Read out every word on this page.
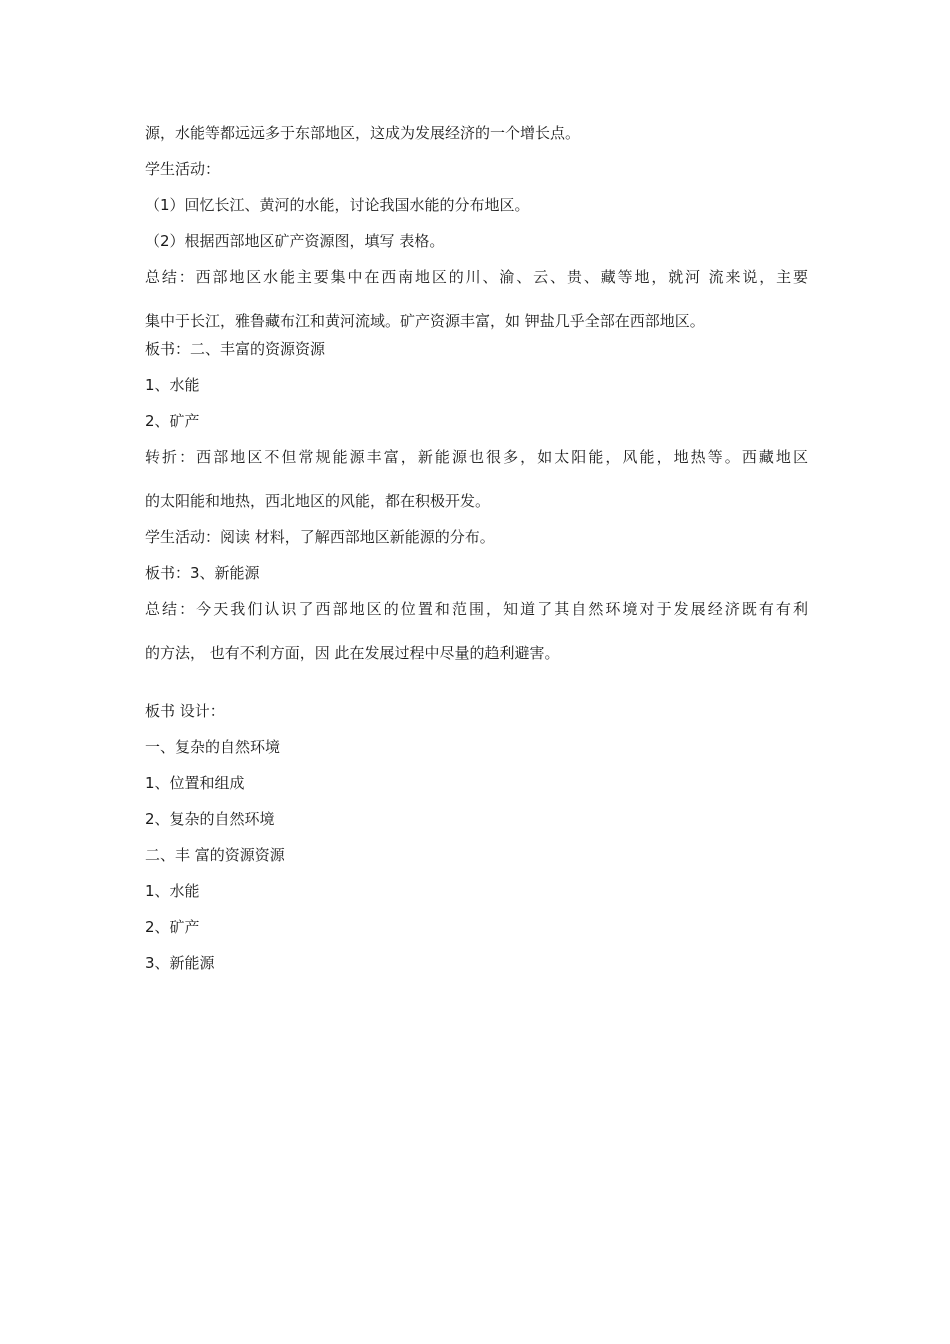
源，水能等都远远多于东部地区，这成为发展经济的一个增长点。

学生活动：

（1）回忆长江、黄河的水能，讨论我国水能的分布地区。

（2）根据西部地区矿产资源图，填写 表格。

总结：西部地区水能主要集中在西南地区的川、渝、云、贵、藏等地，就河 流来说，主要

集中于长江，雅鲁藏布江和黄河流域。矿产资源丰富，如 钾盐几乎全部在西部地区。

板书：二、丰富的资源资源

1、水能

2、矿产

转折：西部地区不但常规能源丰富，新能源也很多，如太阳能，风能，地热等。西藏地区

的太阳能和地热，西北地区的风能，都在积极开发。

学生活动：阅读 材料，了解西部地区新能源的分布。

板书：3、新能源

总结：今天我们认识了西部地区的位置和范围，知道了其自然环境对于发展经济既有有利

的方法， 也有不利方面，因 此在发展过程中尽量的趋利避害。

板书 设计：

一、复杂的自然环境

1、位置和组成

2、复杂的自然环境

二、丰 富的资源资源

1、水能

2、矿产

3、新能源
